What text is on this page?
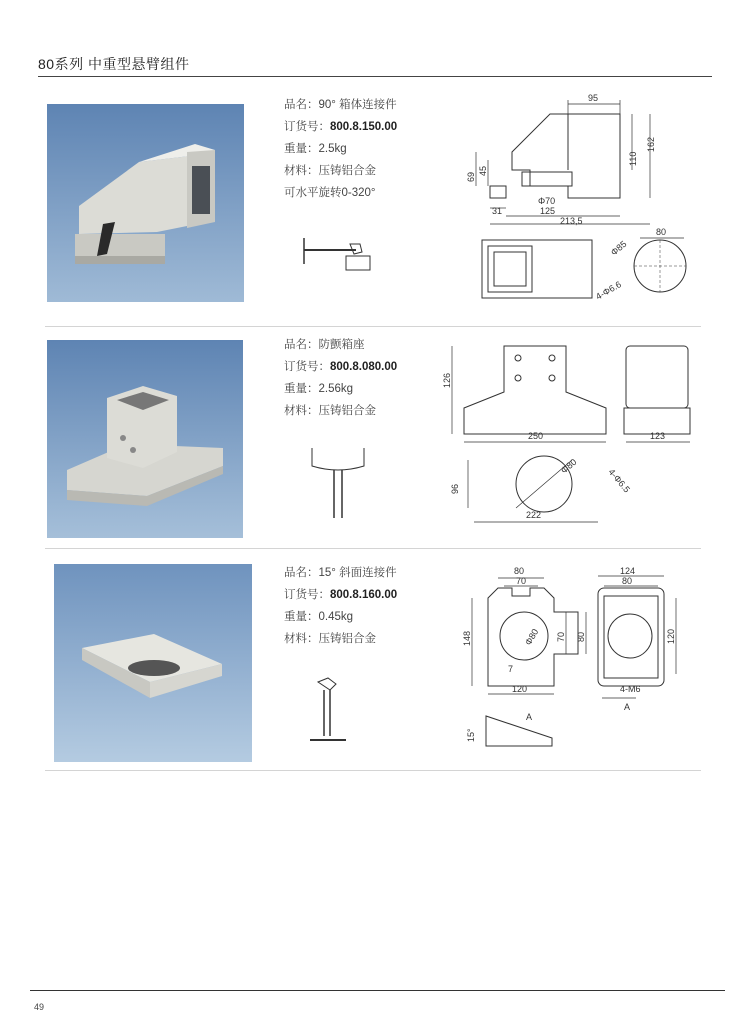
80系列 中重型悬臂组件
品名：90° 箱体连接件
订货号：800.8.150.00
重量：2.5kg
材料：压铸铝合金
可水平旋转0-320°
95
162
110
69
45
Φ70
31	125
213,5
80
Φ85
4-Φ6.6
品名：防颤箱座
订货号：800.8.080.00
重量：2.56kg
材料：压铸铝合金
126
250	123
96
Φ80
4-Φ6.5
222
品名：15° 斜面连接件
订货号：800.8.160.00
重量：0.45kg
材料：压铸铝合金
80
70
148	Φ80
7
70 80
120
124
80
120
4-M6
A
15°
A
49
